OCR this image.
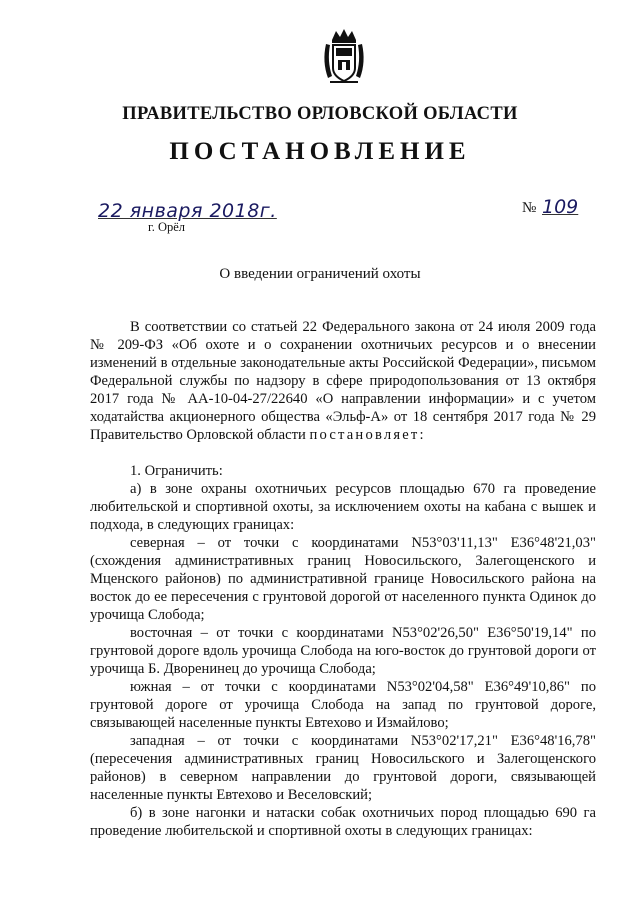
ПРАВИТЕЛЬСТВО ОРЛОВСКОЙ ОБЛАСТИ
ПОСТАНОВЛЕНИЕ
22 января 2018г.
г. Орёл
№ 109
О введении ограничений охоты

В соответствии со статьей 22 Федерального закона от 24 июля 2009 года № 209-ФЗ «Об охоте и о сохранении охотничьих ресурсов и о внесении изменений в отдельные законодательные акты Российской Федерации», письмом Федеральной службы по надзору в сфере природопользования от 13 октября 2017 года № АА-10-04-27/22640 «О направлении информации» и с учетом ходатайства акционерного общества «Эльф-А» от 18 сентября 2017 года № 29 Правительство Орловской области постановляет:

1. Ограничить:

а) в зоне охраны охотничьих ресурсов площадью 670 га проведение любительской и спортивной охоты, за исключением охоты на кабана с вышек и подхода, в следующих границах:

северная – от точки с координатами N53°03'11,13" E36°48'21,03" (схождения административных границ Новосильского, Залегощенского и Мценского районов) по административной границе Новосильского района на восток до ее пересечения с грунтовой дорогой от населенного пункта Одинок до урочища Слобода;

восточная – от точки с координатами N53°02'26,50" E36°50'19,14" по грунтовой дороге вдоль урочища Слобода на юго-восток до грунтовой дороги от урочища Б. Дворенинец до урочища Слобода;

южная – от точки с координатами N53°02'04,58" E36°49'10,86" по грунтовой дороге от урочища Слобода на запад по грунтовой дороге, связывающей населенные пункты Евтехово и Измайлово;

западная – от точки с координатами N53°02'17,21" E36°48'16,78" (пересечения административных границ Новосильского и Залегощенского районов) в северном направлении до грунтовой дороги, связывающей населенные пункты Евтехово и Веселовский;

б) в зоне нагонки и натаски собак охотничьих пород площадью 690 га проведение любительской и спортивной охоты в следующих границах:
